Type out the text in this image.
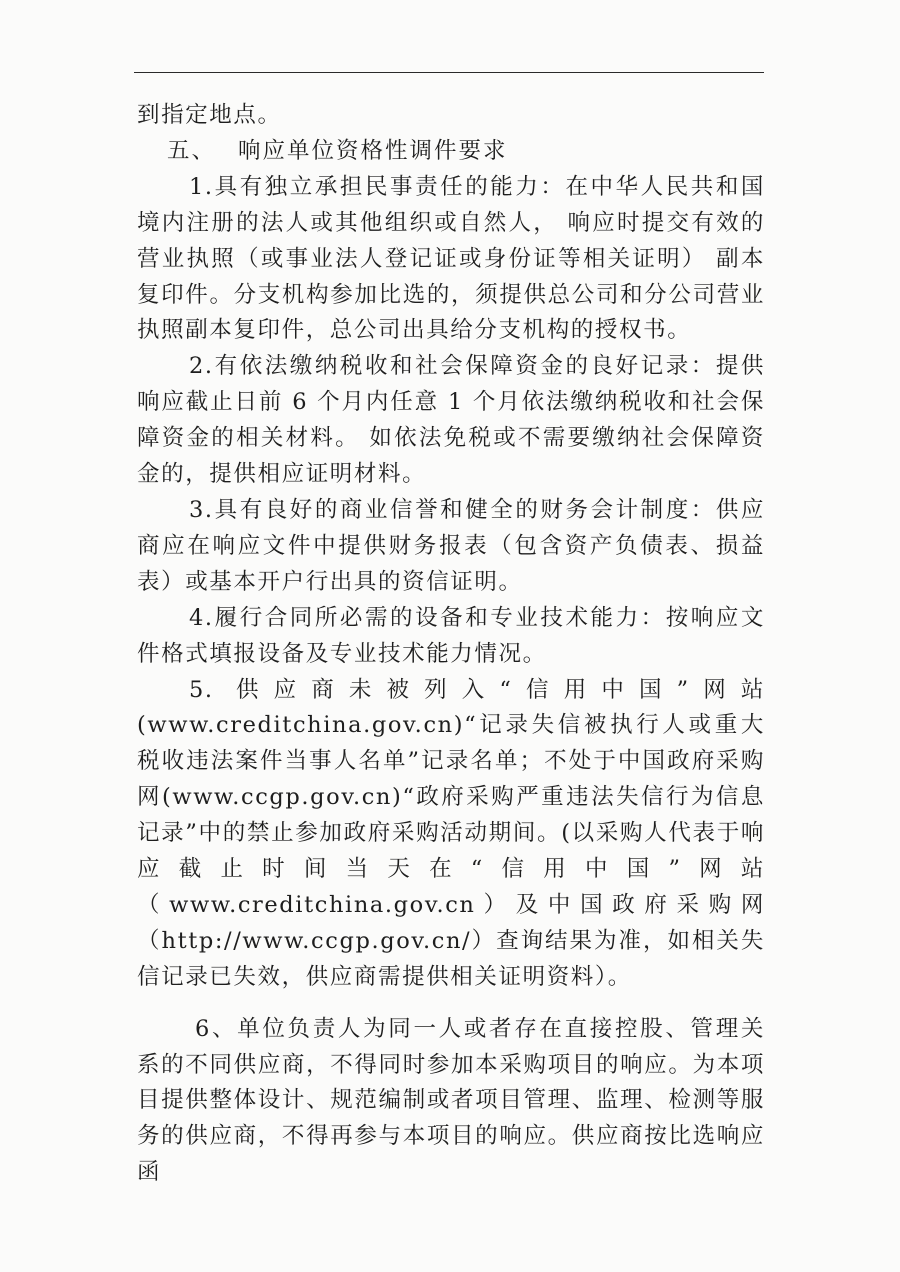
到指定地点。

五、 响应单位资格性调件要求

1.具有独立承担民事责任的能力：在中华人民共和国境内注册的法人或其他组织或自然人， 响应时提交有效的营业执照（或事业法人登记证或身份证等相关证明） 副本复印件。分支机构参加比选的，须提供总公司和分公司营业执照副本复印件，总公司出具给分支机构的授权书。

2.有依法缴纳税收和社会保障资金的良好记录：提供响应截止日前 6 个月内任意 1 个月依法缴纳税收和社会保障资金的相关材料。 如依法免税或不需要缴纳社会保障资金的，提供相应证明材料。

3.具有良好的商业信誉和健全的财务会计制度：供应商应在响应文件中提供财务报表（包含资产负债表、损益表）或基本开户行出具的资信证明。

4.履行合同所必需的设备和专业技术能力：按响应文件格式填报设备及专业技术能力情况。

5. 供应商未被列入“信用中国”网站(www.creditchina.gov.cn)“记录失信被执行人或重大税收违法案件当事人名单”记录名单；不处于中国政府采购网(www.ccgp.gov.cn)“政府采购严重违法失信行为信息记录”中的禁止参加政府采购活动期间。(以采购人代表于响应截止时间当天在“信用中国”网站（www.creditchina.gov.cn）及中国政府采购网（http://www.ccgp.gov.cn/）查询结果为准，如相关失信记录已失效，供应商需提供相关证明资料）。

6、单位负责人为同一人或者存在直接控股、管理关系的不同供应商，不得同时参加本采购项目的响应。为本项目提供整体设计、规范编制或者项目管理、监理、检测等服务的供应商，不得再参与本项目的响应。供应商按比选响应函
